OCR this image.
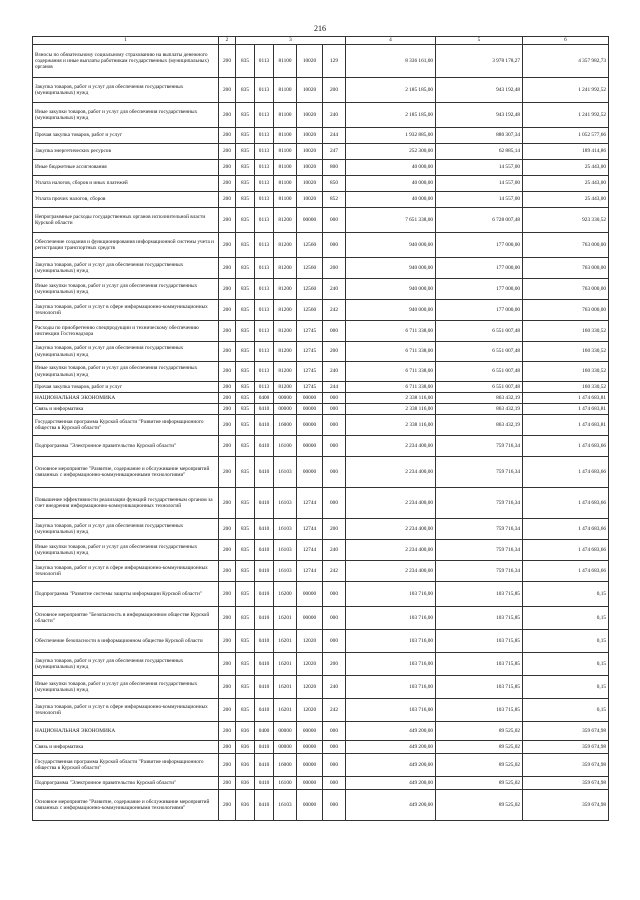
216
1	2	3					4	5	6
Взносы по обязательному социальному страхованию на выплаты денежного содержания и иные выплаты работникам государственных (муниципальных) органов	200	835	0113	81100	10020	129	8 336 161,00	3 978 178,27	4 357 982,73
Закупка товаров, работ и услуг для обеспечения государственных (муниципальных) нужд	200	835	0113	81100	10020	200	2 185 185,00	943 192,48	1 241 992,52
Иные закупки товаров, работ и услуг для обеспечения государственных (муниципальных) нужд	200	835	0113	81100	10020	240	2 185 185,00	943 192,48	1 241 992,52
Прочая закупка товаров, работ и услуг	200	835	0113	81100	10020	244	1 932 885,00	880 307,34	1 052 577,66
Закупка энергетических ресурсов	200	835	0113	81100	10020	247	252 300,00	62 885,14	189 414,86
Иные бюджетные ассигнования	200	835	0113	81100	10020	800	40 000,00	14 557,00	25 443,00
Уплата налогов, сборов и иных платежей	200	835	0113	81100	10020	850	40 000,00	14 557,00	25 443,00
Уплата прочих налогов, сборов	200	835	0113	81100	10020	852	40 000,00	14 557,00	25 443,00
Непрограммные расходы государственных органов исполнительной власти Курской области	200	835	0113	81200	00000	000	7 651 338,00	6 728 007,48	923 330,52
Обеспечение создания и функционирования информационной системы учета и регистрации транспортных средств	200	835	0113	81200	12560	000	940 000,00	177 000,00	763 000,00
Закупка товаров, работ и услуг для обеспечения государственных (муниципальных) нужд	200	835	0113	81200	12560	200	940 000,00	177 000,00	763 000,00
Иные закупки товаров, работ и услуг для обеспечения государственных (муниципальных) нужд	200	835	0113	81200	12560	240	940 000,00	177 000,00	763 000,00
Закупка товаров, работ и услуг в сфере информационно-коммуникационных технологий	200	835	0113	81200	12560	242	940 000,00	177 000,00	763 000,00
Расходы по приобретению спецпродукции и техническому обеспечению инспекции Гостехнадзора	200	835	0113	81200	12745	000	6 711 338,00	6 551 007,48	160 330,52
Закупка товаров, работ и услуг для обеспечения государственных (муниципальных) нужд	200	835	0113	81200	12745	200	6 711 338,00	6 551 007,48	160 330,52
Иные закупки товаров, работ и услуг для обеспечения государственных (муниципальных) нужд	200	835	0113	81200	12745	240	6 711 338,00	6 551 007,48	160 330,52
Прочая закупка товаров, работ и услуг	200	835	0113	81200	12745	244	6 711 338,00	6 551 007,48	160 330,52
НАЦИОНАЛЬНАЯ ЭКОНОМИКА	200	835	0400	00000	00000	000	2 338 116,00	863 432,19	1 474 683,81
Связь и информатика	200	835	0410	00000	00000	000	2 338 116,00	863 432,19	1 474 683,81
Государственная программа Курской области "Развитие информационного общества в Курской области"	200	835	0410	16000	00000	000	2 338 116,00	863 432,19	1 474 683,81
Подпрограмма "Электронное правительство Курской области"	200	835	0410	16100	00000	000	2 234 400,00	759 716,34	1 474 683,66
Основное мероприятие "Развитие, содержание и обслуживание мероприятий связанных с информационно-коммуникационными технологиями"	200	835	0410	16103	00000	000	2 234 400,00	759 716,34	1 474 683,66
Повышение эффективности реализации функций государственным органом за счет внедрения информационно-коммуникационных технологий	200	835	0410	16103	12744	000	2 234 400,00	759 716,34	1 474 683,66
Закупка товаров, работ и услуг для обеспечения государственных (муниципальных) нужд	200	835	0410	16103	12744	200	2 234 400,00	759 716,34	1 474 683,66
Иные закупки товаров, работ и услуг для обеспечения государственных (муниципальных) нужд	200	835	0410	16103	12744	240	2 234 400,00	759 716,34	1 474 683,66
Закупка товаров, работ и услуг в сфере информационно-коммуникационных технологий	200	835	0410	16103	12744	242	2 234 400,00	759 716,34	1 474 683,66
Подпрограмма "Развитие системы защиты информации Курской области"	200	835	0410	16200	00000	000	103 716,00	103 715,85	0,15
Основное мероприятие "Безопасность в информационном обществе Курской области"	200	835	0410	16201	00000	000	103 716,00	103 715,85	0,15
Обеспечение безопасности в информационном обществе Курской области	200	835	0410	16201	12020	000	103 716,00	103 715,85	0,15
Закупка товаров, работ и услуг для обеспечения государственных (муниципальных) нужд	200	835	0410	16201	12020	200	103 716,00	103 715,85	0,15
Иные закупки товаров, работ и услуг для обеспечения государственных (муниципальных) нужд	200	835	0410	16201	12020	240	103 716,00	103 715,85	0,15
Закупка товаров, работ и услуг в сфере информационно-коммуникационных технологий	200	835	0410	16201	12020	242	103 716,00	103 715,85	0,15
НАЦИОНАЛЬНАЯ ЭКОНОМИКА	200	836	0400	00000	00000	000	449 200,00	89 525,02	359 674,98
Связь и информатика	200	836	0410	00000	00000	000	449 200,00	89 525,02	359 674,98
Государственная программа Курской области "Развитие информационного общества в Курской области"	200	836	0410	16000	00000	000	449 200,00	89 525,02	359 674,98
Подпрограмма "Электронное правительство Курской области"	200	836	0410	16100	00000	000	449 200,00	89 525,02	359 674,98
Основное мероприятие "Развитие, содержание и обслуживание мероприятий связанных с информационно-коммуникационными технологиями"	200	836	0410	16103	00000	000	449 200,00	89 525,02	359 674,98
